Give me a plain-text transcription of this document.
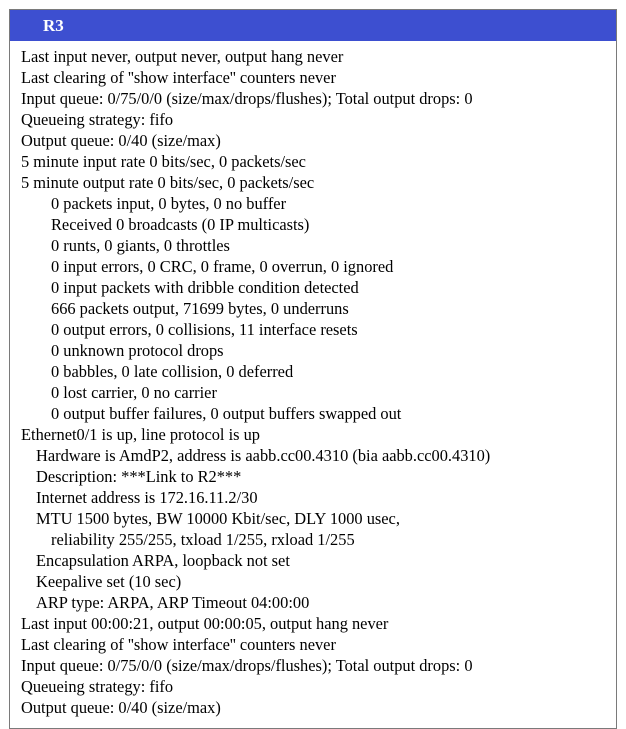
R3
Last input never, output never, output hang never
Last clearing of ''show interface'' counters never
Input queue: 0/75/0/0 (size/max/drops/flushes); Total output drops: 0
Queueing strategy: fifo
Output queue: 0/40 (size/max)
5 minute input rate 0 bits/sec, 0 packets/sec
5 minute output rate 0 bits/sec, 0 packets/sec
0 packets input, 0 bytes, 0 no buffer
Received 0 broadcasts (0 IP multicasts)
0 runts, 0 giants, 0 throttles
0 input errors, 0 CRC, 0 frame, 0 overrun, 0 ignored
0 input packets with dribble condition detected
666 packets output, 71699 bytes, 0 underruns
0 output errors, 0 collisions, 11 interface resets
0 unknown protocol drops
0 babbles, 0 late collision, 0 deferred
0 lost carrier, 0 no carrier
0 output buffer failures, 0 output buffers swapped out
Ethernet0/1 is up, line protocol is up
Hardware is AmdP2, address is aabb.cc00.4310 (bia aabb.cc00.4310)
Description: ***Link to R2***
Internet address is 172.16.11.2/30
MTU 1500 bytes, BW 10000 Kbit/sec, DLY 1000 usec,
reliability 255/255, txload 1/255, rxload 1/255
Encapsulation ARPA, loopback not set
Keepalive set (10 sec)
ARP type: ARPA, ARP Timeout 04:00:00
Last input 00:00:21, output 00:00:05, output hang never
Last clearing of ''show interface'' counters never
Input queue: 0/75/0/0 (size/max/drops/flushes); Total output drops: 0
Queueing strategy: fifo
Output queue: 0/40 (size/max)
